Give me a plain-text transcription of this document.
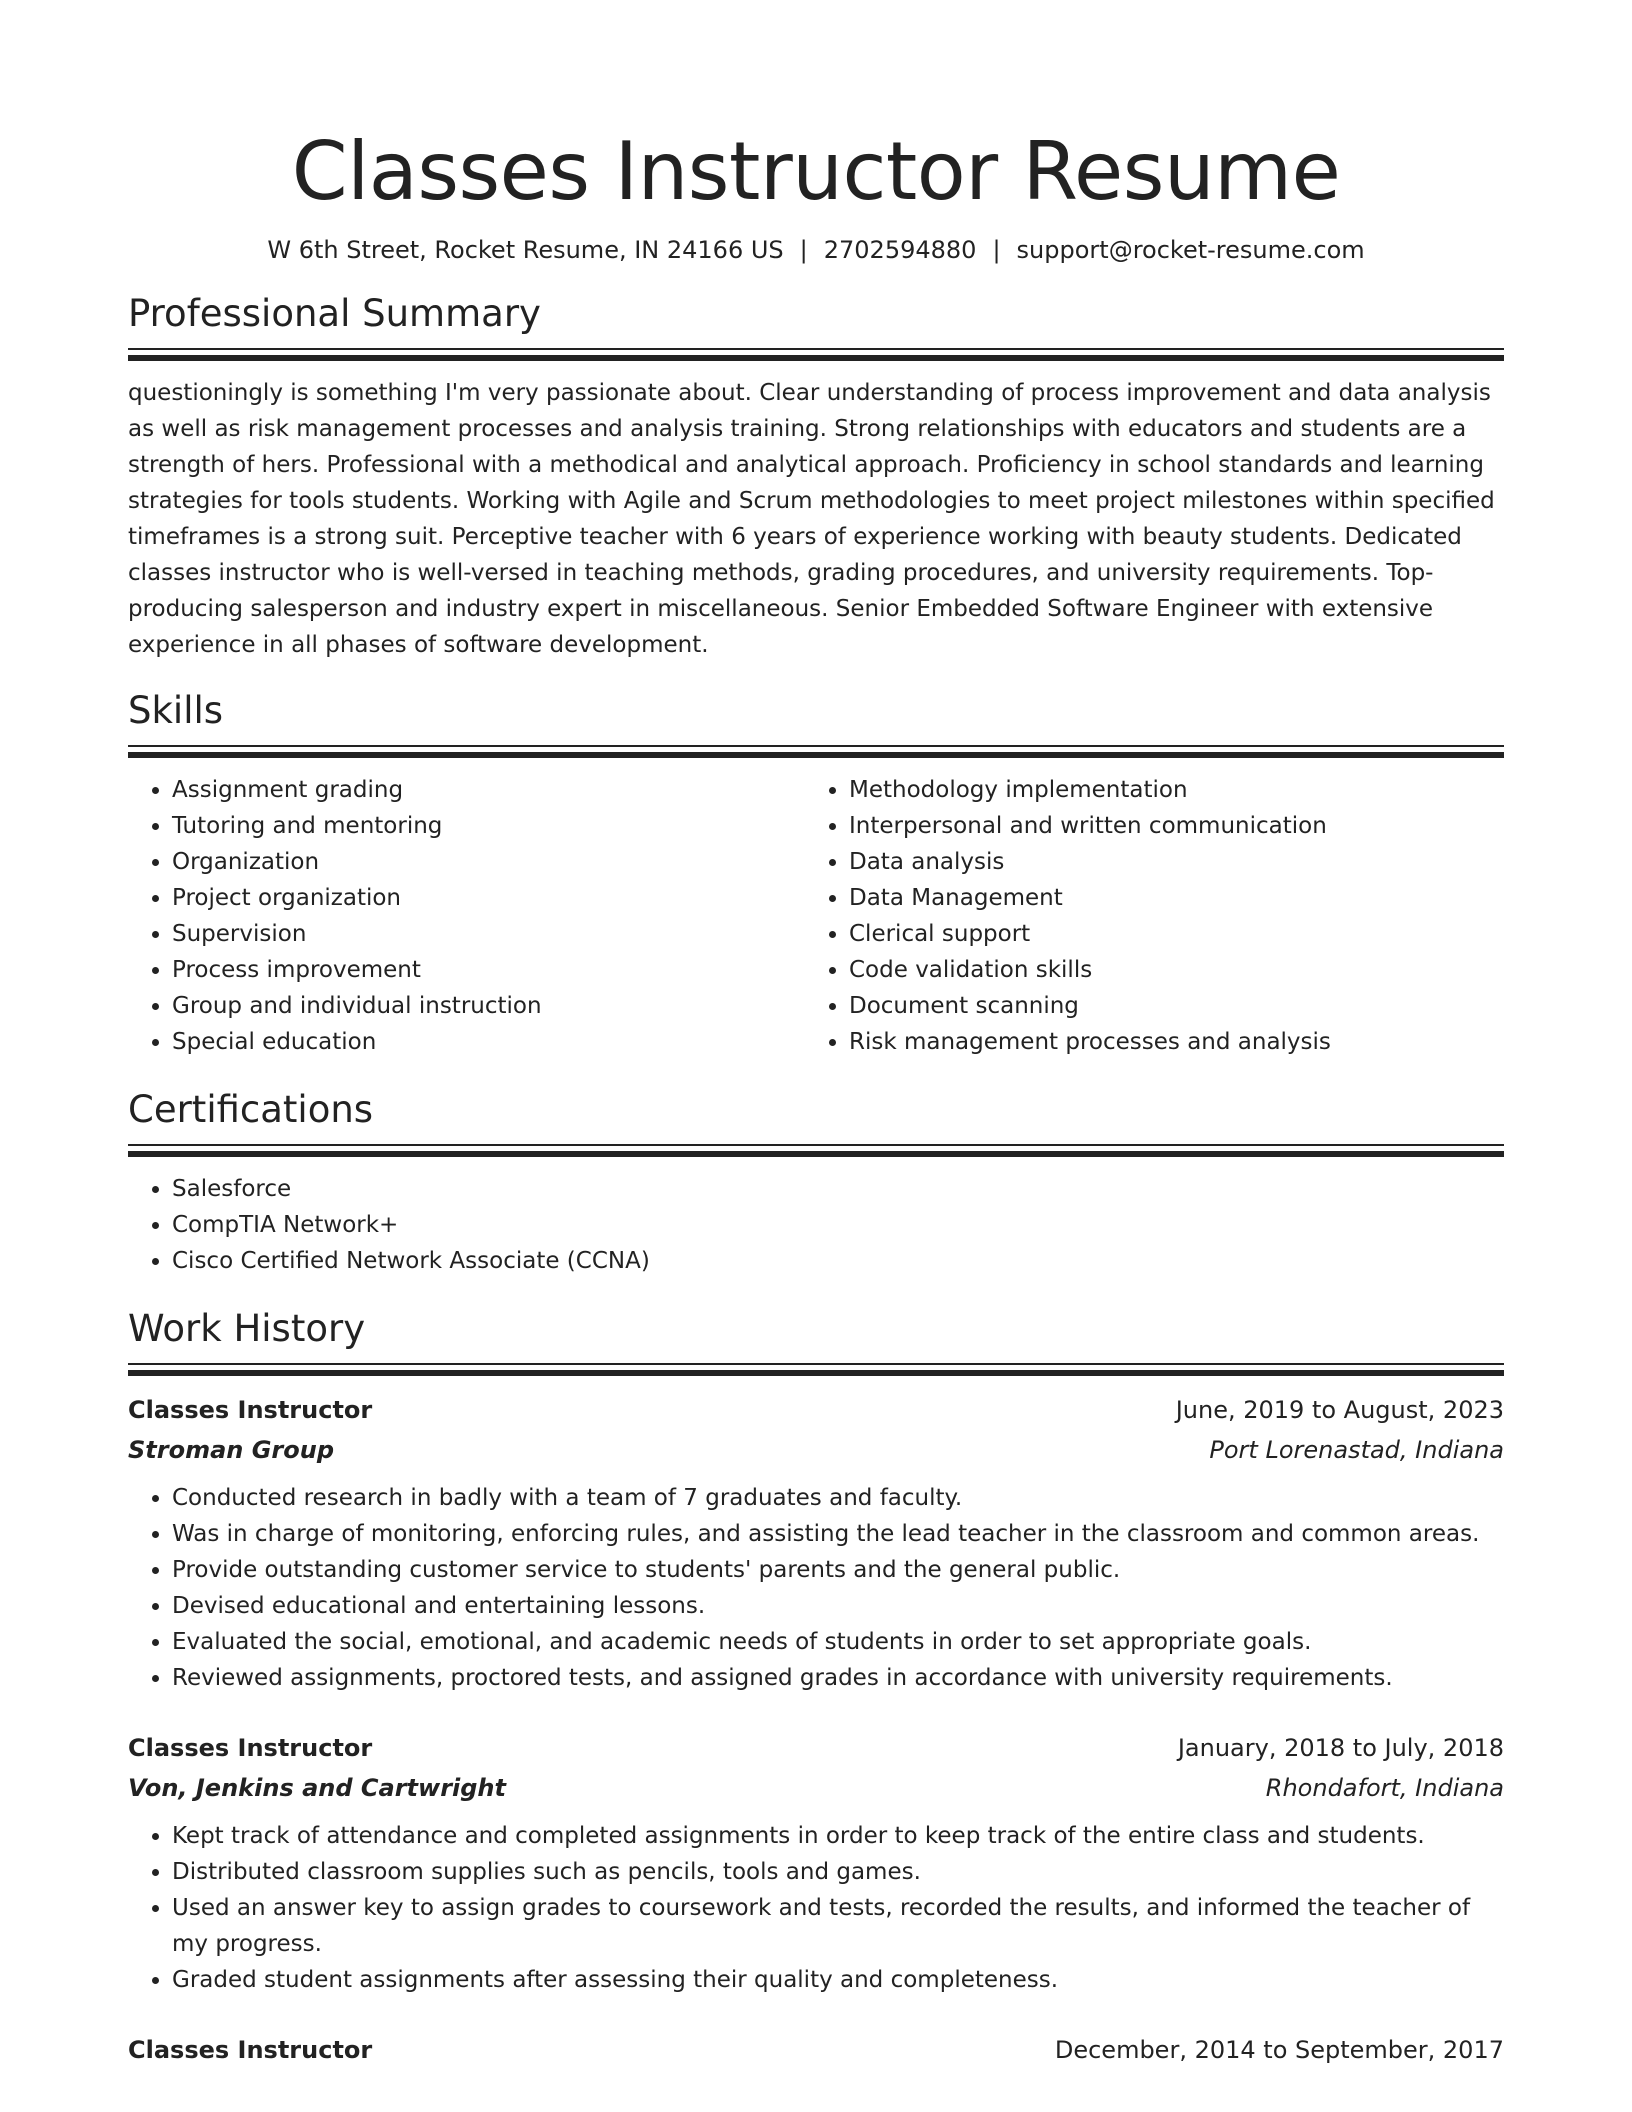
Classes Instructor Resume
W 6th Street, Rocket Resume, IN 24166 US | 2702594880 | support@rocket-resume.com
Professional Summary

questioningly is something I'm very passionate about. Clear understanding of process improvement and data analysis as well as risk management processes and analysis training. Strong relationships with educators and students are a strength of hers. Professional with a methodical and analytical approach. Proficiency in school standards and learning strategies for tools students. Working with Agile and Scrum methodologies to meet project milestones within specified timeframes is a strong suit. Perceptive teacher with 6 years of experience working with beauty students. Dedicated classes instructor who is well-versed in teaching methods, grading procedures, and university requirements. Top-producing salesperson and industry expert in miscellaneous. Senior Embedded Software Engineer with extensive experience in all phases of software development.

Skills
• Assignment grading
• Tutoring and mentoring
• Organization
• Project organization
• Supervision
• Process improvement
• Group and individual instruction
• Special education
• Methodology implementation
• Interpersonal and written communication
• Data analysis
• Data Management
• Clerical support
• Code validation skills
• Document scanning
• Risk management processes and analysis
Certifications
• Salesforce
• CompTIA Network+
• Cisco Certified Network Associate (CCNA)
Work History
Classes Instructor	June, 2019 to August, 2023
Stroman Group	Port Lorenastad, Indiana
• Conducted research in badly with a team of 7 graduates and faculty.
• Was in charge of monitoring, enforcing rules, and assisting the lead teacher in the classroom and common areas.
• Provide outstanding customer service to students' parents and the general public.
• Devised educational and entertaining lessons.
• Evaluated the social, emotional, and academic needs of students in order to set appropriate goals.
• Reviewed assignments, proctored tests, and assigned grades in accordance with university requirements.
Classes Instructor	January, 2018 to July, 2018
Von, Jenkins and Cartwright	Rhondafort, Indiana
• Kept track of attendance and completed assignments in order to keep track of the entire class and students.
• Distributed classroom supplies such as pencils, tools and games.
• Used an answer key to assign grades to coursework and tests, recorded the results, and informed the teacher of my progress.
• Graded student assignments after assessing their quality and completeness.
Classes Instructor	December, 2014 to September, 2017
